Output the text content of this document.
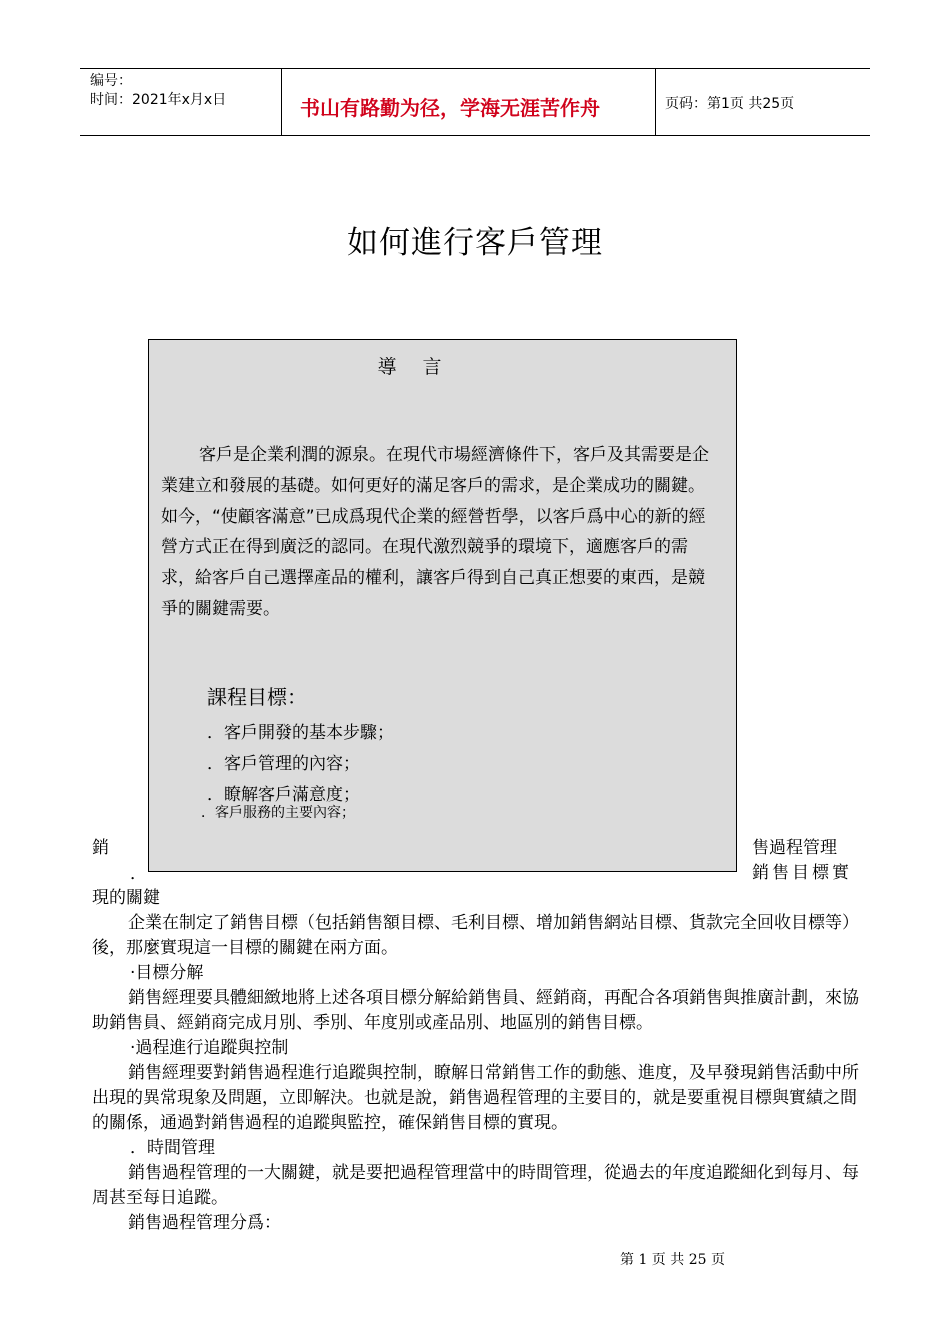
编号：
时间：2021年x月x日	书山有路勤为径，学海无涯苦作舟	页码：第1页 共25页
如何進行客戶管理
導 言

客戶是企業利潤的源泉。在現代市場經濟條件下，客戶及其需要是企業建立和發展的基礎。如何更好的滿足客戶的需求，是企業成功的關鍵。如今，“使顧客滿意”已成爲現代企業的經營哲學，以客戶爲中心的新的經營方式正在得到廣泛的認同。在現代激烈競爭的環境下，適應客戶的需求，給客戶自己選擇產品的權利，讓客戶得到自己真正想要的東西，是競爭的關鍵需要。

課程目標：
．客戶開發的基本步驟；
．客戶管理的內容；
．瞭解客戶滿意度；
．客戶服務的主要內容；
銷	售過程管理
銷售目標實
．
現的關鍵

企業在制定了銷售目標（包括銷售額目標、毛利目標、增加銷售網站目標、貨款完全回收目標等）後，那麼實現這一目標的關鍵在兩方面。

·目標分解

銷售經理要具體細緻地將上述各項目標分解給銷售員、經銷商，再配合各項銷售與推廣計劃，來協助銷售員、經銷商完成月別、季別、年度別或產品別、地區別的銷售目標。

·過程進行追蹤與控制

銷售經理要對銷售過程進行追蹤與控制，瞭解日常銷售工作的動態、進度，及早發現銷售活動中所出現的異常現象及問題，立即解決。也就是說，銷售過程管理的主要目的，就是要重視目標與實績之間的關係，通過對銷售過程的追蹤與監控，確保銷售目標的實現。

．時間管理

銷售過程管理的一大關鍵，就是要把過程管理當中的時間管理，從過去的年度追蹤細化到每月、每周甚至每日追蹤。

銷售過程管理分爲：

第 1 页 共 25 页
